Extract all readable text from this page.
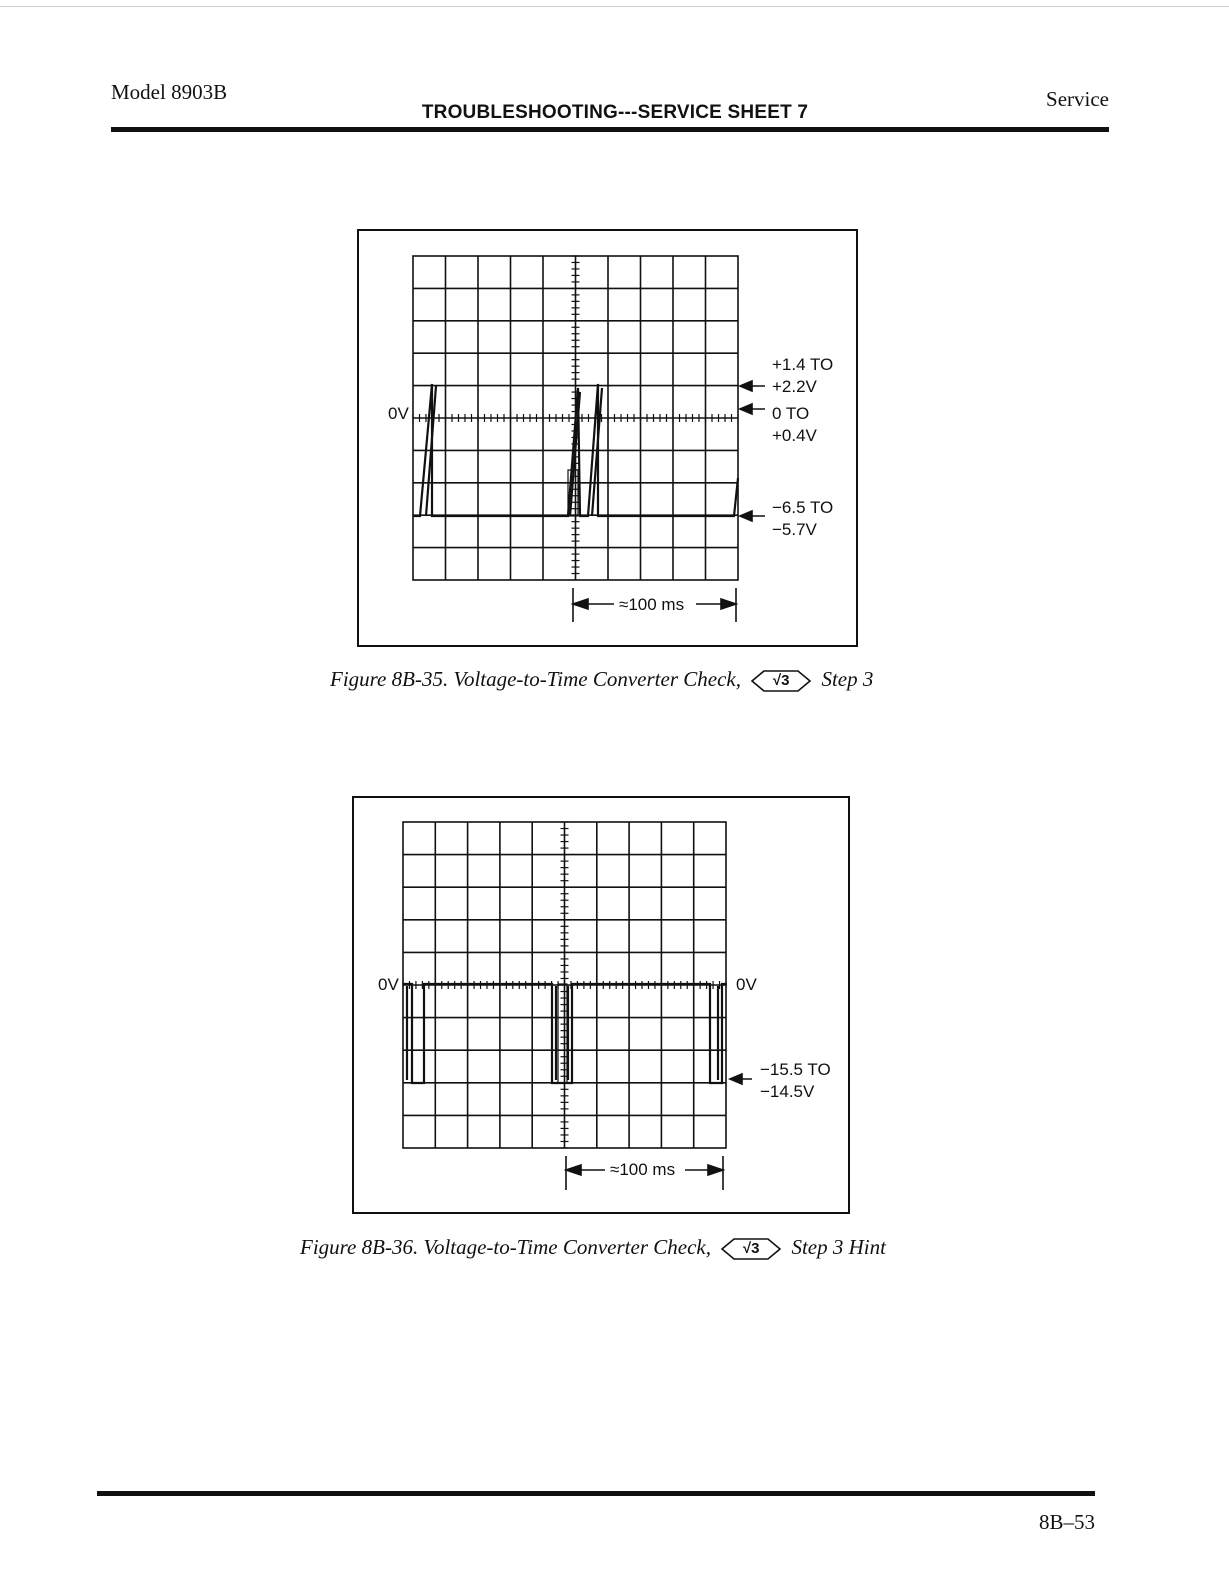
Model 8903B
TROUBLESHOOTING---SERVICE SHEET 7
Service
0V
+1.4 TO
+2.2V
0 TO
+0.4V
−6.5 TO
−5.7V
≈100 ms
Figure 8B-35. Voltage-to-Time Converter Check,	√3	Step 3
0V	0V
−15.5 TO
−14.5V
≈100 ms
Figure 8B-36. Voltage-to-Time Converter Check,	√3	Step 3 Hint
8B–53
